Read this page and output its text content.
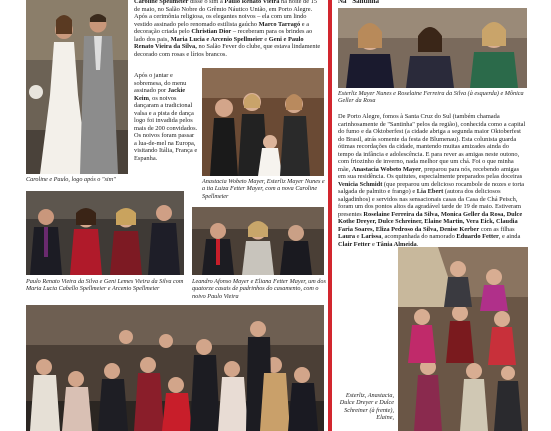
Caroline Spellmeier disse o sim a Paulo Renato Vieira na noite de 15 de maio, no Salão Nobre do Grêmio Náutico União, em Porto Alegre. Após a cerimônia religiosa, os elegantes noivos – ela com um lindo vestido assinado pelo renomado estilista gaúcho Marco Tarragó e a decoração criada pelo Christian Dior – receberam para os brindes ao lado dos pais, Maria Lucia e Arcenio Spellmeier e Geni e Paulo Renato Vieira da Silva, no Salão Fever do clube, que estava lindamente decorado com rosas e lírios brancos.

Após o jantar e sobremesa, do menu assinado por Jackie Keim, os noivos dançaram a tradicional valsa e a pista de dança logo foi invadida pelos mais de 200 convidados. Os noivos foram passar a lua-de-mel na Europa, visitando Itália, França e Espanha.

Caroline e Paulo, logo após o "sim"	Anastacia Wobeto Mayer, Esterliz Mayer Nunes e a tia Luiza Fetter Mayer, com a nova Caroline Spellmeier

Paulo Renato Vieira da Silva e Geni Lemes Vieira da Silva com Maria Lucia Cabello Spellmeier e Arcenio Spellmeier

Leandro Afonso Mayer e Eliana Fetter Mayer, um dos quatorze casais de padrinhos do casamento, com o noivo Paulo Vieira

Na "Santinha"

Esterliz Mayer Nunes e Roselaine Ferreira da Silva (à esquerda) e Mônica Geller da Rosa

De Porto Alegre, fomos à Santa Cruz do Sul (também chamada carinhosamente de "Santinha" pelos da região), conhecida como a capital do fumo e da Oktoberfest (a cidade abriga a segunda maior Oktoberfest do Brasil, atrás somente da festa de Blumenau). Esta colunista guarda ótimas recordações da cidade, mantendo muitas amizades ainda do tempo da infância e adolescência. E para rever as amigas neste outono, com friozinho de inverno, nada melhor que um chá. Foi o que minha mãe, Anastacia Wobeto Mayer, preparou para nós, recebendo amigas em sua residência. Os quitutes, especialmente preparados pelas doceiras Venicia Schmidt (que preparou um delicioso rocambole de nozes e torta salgada de palmito e frango) e Lia Ebert (autora dos deliciosos salgadinhos) e servidos nas sensacionais casas da Casa de Chá Peisch, foram um dos pontos altos da agradável tarde de 19 de maio. Estiveram presentes Roselaine Ferreira da Silva, Monica Geller da Rosa, Dulce Kothe Dreyer, Dulce Schreiner, Elaine Martin, Vera Eick, Claudia Faria Soares, Eliza Pedroso da Silva, Denise Kerber com as filhas Laura e Larissa, acompanhada do namorado Eduardo Fetter, e ainda Clair Fetter e Tânia Almeida.

Esterliz, Anastacia, Dulce Dreyer e Dulce Schreiner (à frente), Elaine,
